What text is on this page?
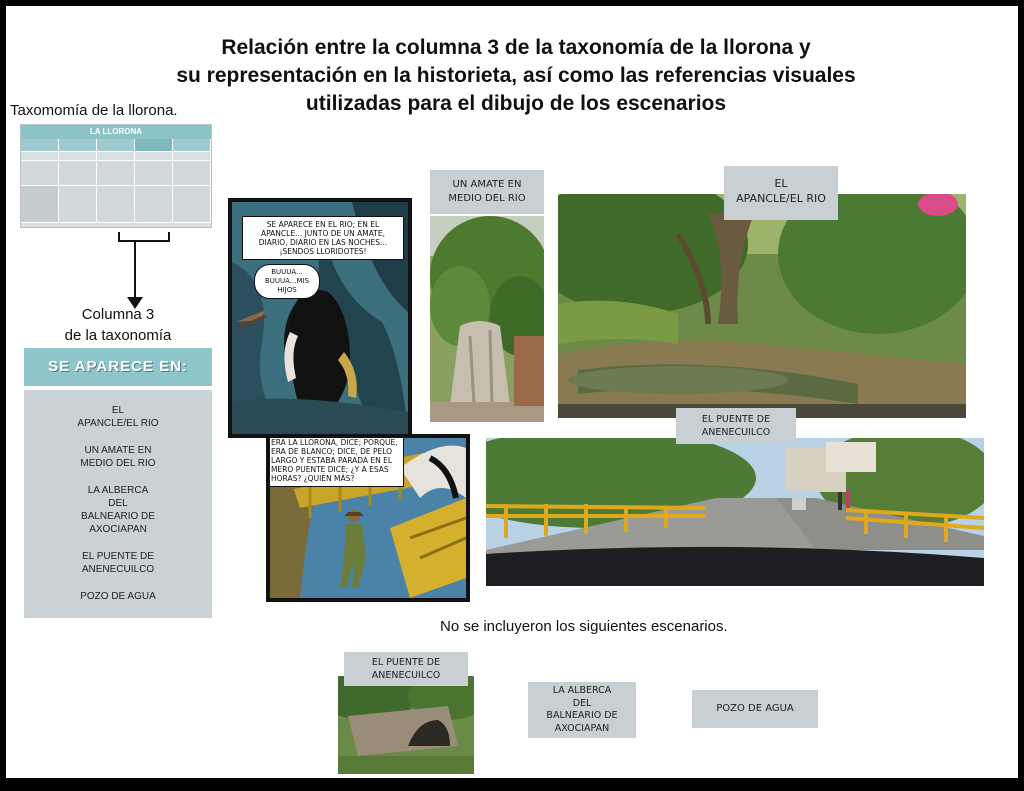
Relación entre la columna 3 de la taxonomía de la llorona y
su representación en la historieta, así como las referencias visuales
utilizadas para el dibujo de los escenarios
Taxomomía de la llorona.
LA LLORONA
Columna 3
de la taxonomía
SE APARECE EN:
EL
APANCLE/EL RIO
UN AMATE EN
MEDIO DEL RIO
LA ALBERCA
DEL
BALNEARIO DE
AXOCIAPAN
EL PUENTE DE
ANENECUILCO
POZO DE AGUA
SE APARECE EN EL RIO; EN EL APANCLE... JUNTO DE UN AMATE, DIARIO, DIARIO EN LAS NOCHES... ¡SENDOS LLORIDOTES!
BUUUA...
BUUUA...MIS HIJOS
ERA LA LLORONA, DICE; PORQUE, ERA DE BLANCO; DICE, DE PELO LARGO Y ESTABA PARADA EN EL MERO PUENTE DICE; ¿Y A ESAS HORAS? ¿QUIÉN MÁS?
UN AMATE EN
MEDIO DEL RIO
EL
APANCLE/EL RIO
EL PUENTE DE
ANENECUILCO
No se incluyeron los siguientes escenarios.
EL PUENTE DE
ANENECUILCO
LA ALBERCA
DEL
BALNEARIO DE
AXOCIAPAN
POZO DE AGUA
